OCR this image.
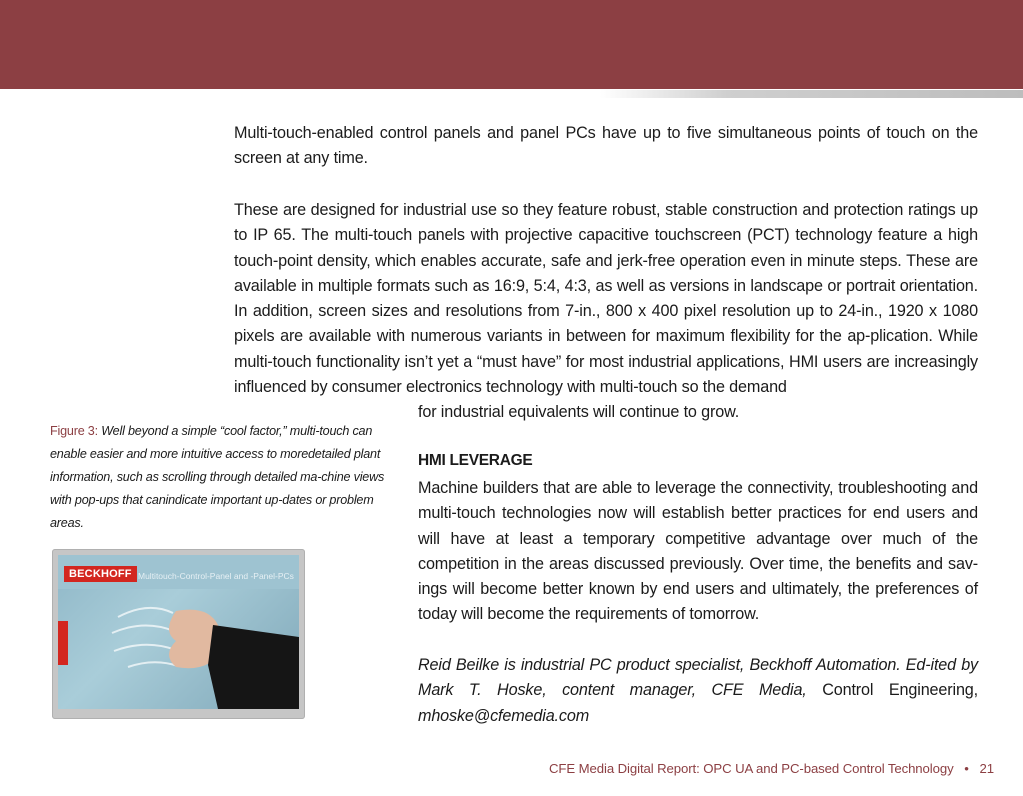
Multi-touch-enabled control panels and panel PCs have up to five simultaneous points of touch on the screen at any time.

These are designed for industrial use so they feature robust, stable construction and protection ratings up to IP 65. The multi-touch panels with projective capacitive touchscreen (PCT) technology feature a high touch-point density, which enables accurate, safe and jerk-free operation even in minute steps. These are available in multiple formats such as 16:9, 5:4, 4:3, as well as versions in landscape or portrait orientation. In addition, screen sizes and resolutions from 7-in., 800 x 400 pixel resolution up to 24-in., 1920 x 1080 pixels are available with numerous variants in between for maximum flexibility for the ap-plication. While multi-touch functionality isn’t yet a “must have” for most industrial applications, HMI users are increasingly influenced by consumer electronics technology with multi-touch so the demand

for industrial equivalents will continue to grow.

Figure 3: Well beyond a simple “cool factor,” multi-touch can enable easier and more intuitive access to moredetailed plant information, such as scrolling through detailed ma-chine views with pop-ups that canindicate important up-dates or problem areas.
HMI LEVERAGE

Machine builders that are able to leverage the connectivity, troubleshooting and multi-touch technologies now will establish better practices for end users and will have at least a temporary competitive advantage over much of the competition in the areas discussed previously. Over time, the benefits and sav-ings will become better known by end users and ultimately, the preferences of today will become the requirements of tomorrow.

Reid Beilke is industrial PC product specialist, Beckhoff Automation. Ed-ited by Mark T. Hoske, content manager, CFE Media, Control Engineering, mhoske@cfemedia.com

BECKHOFF Multitouch-Control-Panel and -Panel-PCs
CFE Media Digital Report: OPC UA and PC-based Control Technology • 21
